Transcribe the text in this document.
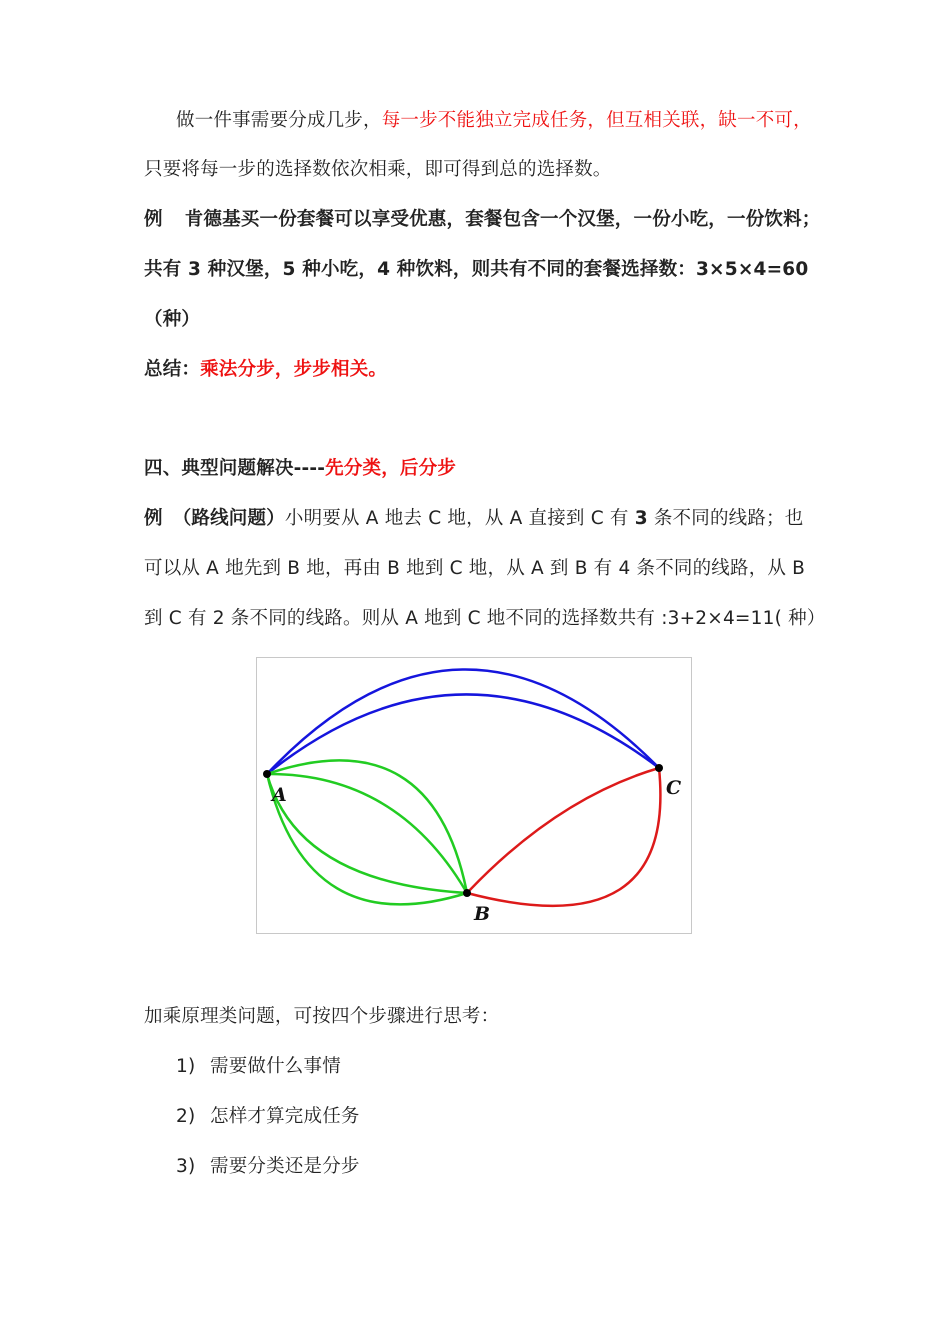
做一件事需要分成几步，每一步不能独立完成任务，但互相关联，缺一不可，
只要将每一步的选择数依次相乘，即可得到总的选择数。
例 肯德基买一份套餐可以享受优惠，套餐包含一个汉堡，一份小吃，一份饮料；
共有 3 种汉堡，5 种小吃，4 种饮料，则共有不同的套餐选择数：3×5×4=60
（种）
总结：乘法分步，步步相关。
四、典型问题解决----先分类，后分步
例 （路线问题）小明要从 A 地去 C 地，从 A 直接到 C 有 3 条不同的线路；也
可以从 A 地先到 B 地，再由 B 地到 C 地，从 A 到 B 有 4 条不同的线路，从 B
到 C 有 2 条不同的线路。则从 A 地到 C 地不同的选择数共有 :3+2×4=11( 种）
A
B
C
加乘原理类问题，可按四个步骤进行思考：
1) 需要做什么事情
2) 怎样才算完成任务
3) 需要分类还是分步
